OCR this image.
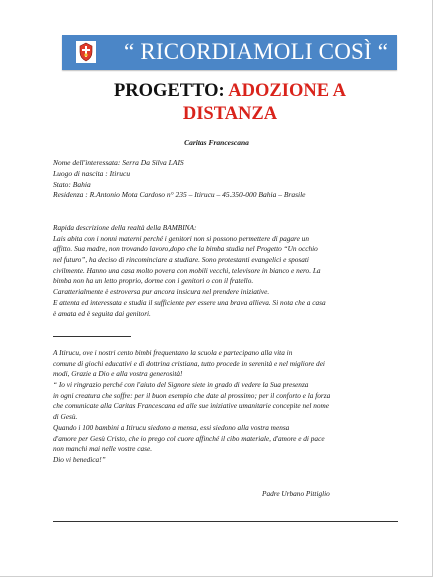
“ RICORDIAMOLI COSÌ “
PROGETTO: ADOZIONE A
DISTANZA
Caritas Francescana
Nome dell'interessata: Serra Da Silva LAIS
Luogo di nascita : Itirucu
Stato: Bahia
Residenza : R.Antonio Mota Cardoso n° 235 – Itirucu – 45.350-000 Bahia – Brasile
Rapida descrizione della realtà della BAMBINA:
Lais abita con i nonni materni perché i genitori non si possono permettere di pagare un
affitto. Sua madre, non trovando lavoro,dopo che la bimba studia nel Progetto “Un occhio
nel futuro”, ha deciso di rincominciare a studiare. Sono protestanti evangelici e sposati
civilmente. Hanno una casa molto povera con mobili vecchi, televisore in bianco e nero. La
bimba non ha un letto proprio, dorme con i genitori o con il fratello.
Caratterialmente è estroversa pur ancora insicura nel prendere iniziative.
E attenta ed interessata e studia il sufficiente per essere una brava allieva. Si nota che a casa
è amata ed è seguita dai genitori.
A Itirucu, ove i nostri cento bimbi frequentano la scuola e partecipano alla vita in
comune di giochi educativi e di dottrina cristiana, tutto procede in serenità e nel migliore dei
modi, Grazie a Dio e alla vostra generosità!
“ Io vi ringrazio perché con l'aiuto del Signore siete in grado di vedere la Sua presenza
in ogni creatura che soffre: per il buon esempio che date al prossimo; per il conforto e la forza
che comunicate alla Caritas Francescana ed alle sue iniziative umanitarie concepite nel nome
di Gesù.
Quando i 100 bambini a Itirucu siedono a mensa, essi siedono alla vostra mensa
d'amore per Gesù Cristo, che io prego col cuore affinché il cibo materiale, d'amore e di pace
non manchi mai nelle vostre case.
Dio vi benedica!”
Padre Urbano Pittiglio
